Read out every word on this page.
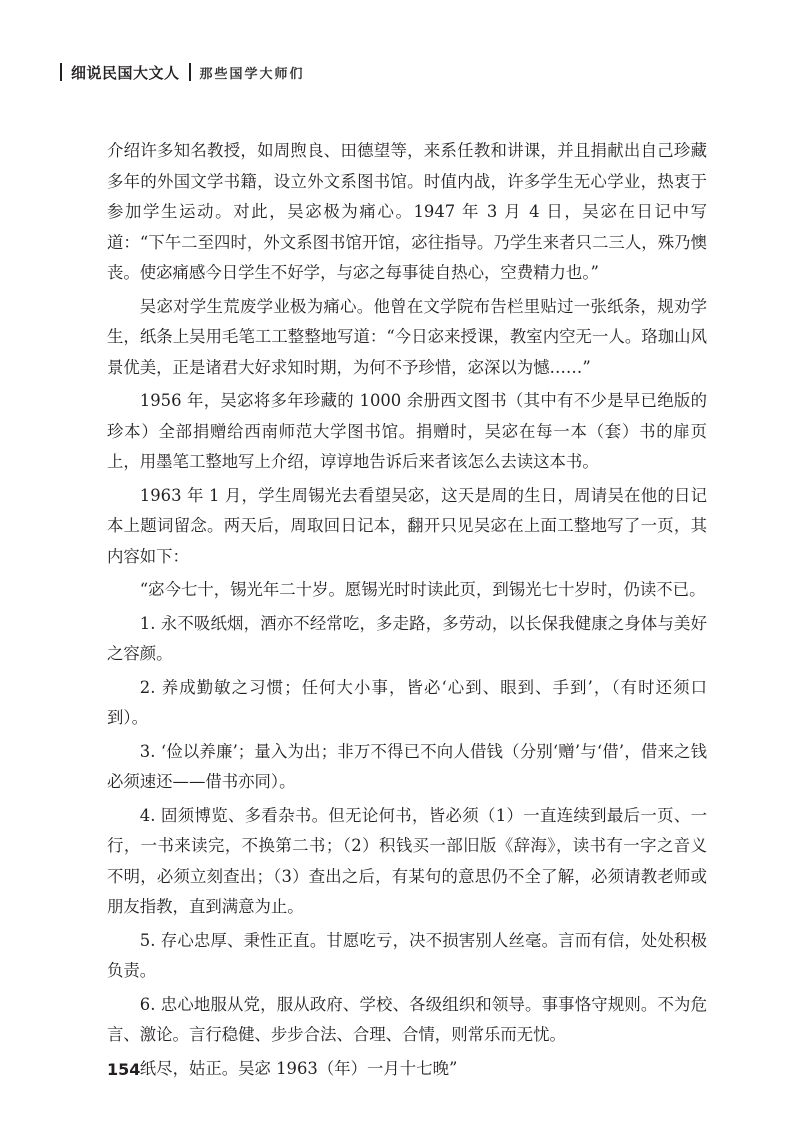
细说民国大文人 那些国学大师们

介绍许多知名教授，如周煦良、田德望等，来系任教和讲课，并且捐献出自己珍藏多年的外国文学书籍，设立外文系图书馆。时值内战，许多学生无心学业，热衷于参加学生运动。对此，吴宓极为痛心。1947 年 3 月 4 日，吴宓在日记中写道：“下午二至四时，外文系图书馆开馆，宓往指导。乃学生来者只二三人，殊乃懊丧。使宓痛感今日学生不好学，与宓之每事徒自热心，空费精力也。”

吴宓对学生荒废学业极为痛心。他曾在文学院布告栏里贴过一张纸条，规劝学生，纸条上吴用毛笔工工整整地写道：“今日宓来授课，教室内空无一人。珞珈山风景优美，正是诸君大好求知时期，为何不予珍惜，宓深以为憾……”

1956 年，吴宓将多年珍藏的 1000 余册西文图书（其中有不少是早已绝版的珍本）全部捐赠给西南师范大学图书馆。捐赠时，吴宓在每一本（套）书的扉页上，用墨笔工整地写上介绍，谆谆地告诉后来者该怎么去读这本书。

1963 年 1 月，学生周锡光去看望吴宓，这天是周的生日，周请吴在他的日记本上题词留念。两天后，周取回日记本，翻开只见吴宓在上面工整地写了一页，其内容如下：

“宓今七十，锡光年二十岁。愿锡光时时读此页，到锡光七十岁时，仍读不已。

1. 永不吸纸烟，酒亦不经常吃，多走路，多劳动，以长保我健康之身体与美好之容颜。

2. 养成勤敏之习惯；任何大小事，皆必‘心到、眼到、手到’，（有时还须口到）。

3. ‘俭以养廉’；量入为出；非万不得已不向人借钱（分别‘赠’与‘借’，借来之钱必须速还——借书亦同）。

4. 固须博览、多看杂书。但无论何书，皆必须（1）一直连续到最后一页、一行，一书来读完，不换第二书；（2）积钱买一部旧版《辞海》，读书有一字之音义不明，必须立刻查出；（3）查出之后，有某句的意思仍不全了解，必须请教老师或朋友指教，直到满意为止。

5. 存心忠厚、秉性正直。甘愿吃亏，决不损害别人丝毫。言而有信，处处积极负责。

6. 忠心地服从党，服从政府、学校、各级组织和领导。事事恪守规则。不为危言、激论。言行稳健、步步合法、合理、合情，则常乐而无忧。

纸尽，姑正。吴宓 1963（年）一月十七晚”

154
